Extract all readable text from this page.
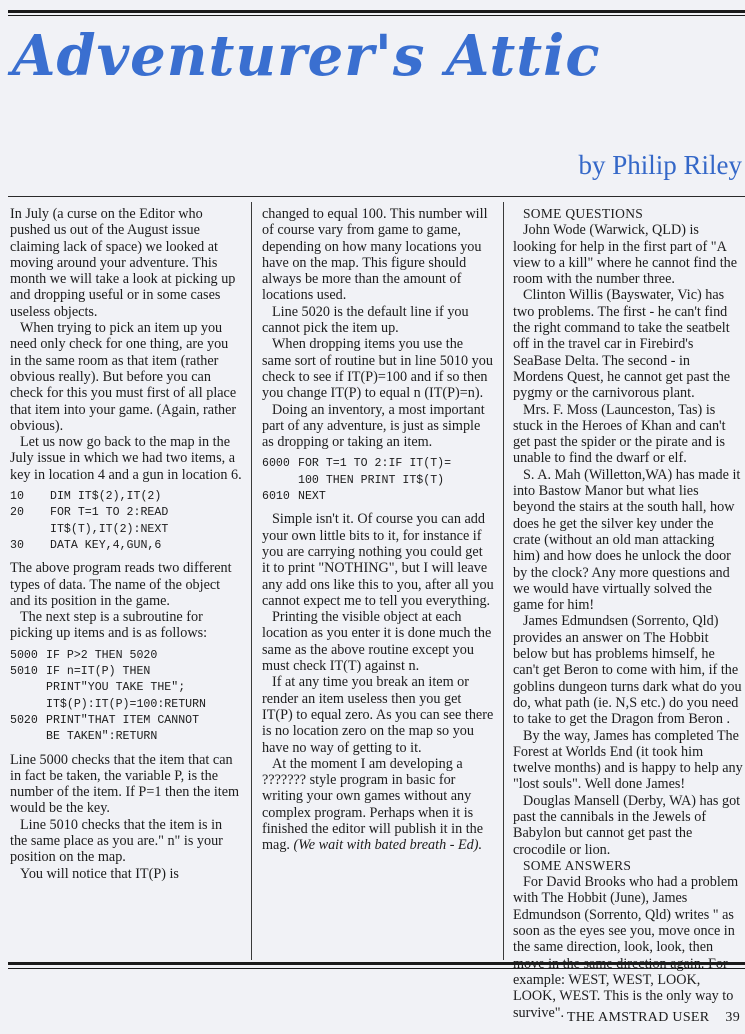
Adventurer's Attic
by Philip Riley

In July (a curse on the Editor who pushed us out of the August issue claiming lack of space) we looked at moving around your adventure. This month we will take a look at picking up and dropping useful or in some cases useless objects.

When trying to pick an item up you need only check for one thing, are you in the same room as that item (rather obvious really). But before you can check for this you must first of all place that item into your game. (Again, rather obvious).

Let us now go back to the map in the July issue in which we had two items, a key in location 4 and a gun in location 6.

10 DIM IT$(2),IT(2)
20 FOR T=1 TO 2:READ
IT$(T),IT(2):NEXT
30 DATA KEY,4,GUN,6

The above program reads two different types of data. The name of the object and its position in the game.

The next step is a subroutine for picking up items and is as follows:

5000 IF P>2 THEN 5020
5010 IF n=IT(P) THEN
PRINT"YOU TAKE THE";
IT$(P):IT(P)=100:RETURN
5020 PRINT"THAT ITEM CANNOT
BE TAKEN":RETURN

Line 5000 checks that the item that can in fact be taken, the variable P, is the number of the item. If P=1 then the item would be the key.

Line 5010 checks that the item is in the same place as you are." n" is your position on the map.

You will notice that IT(P) is

changed to equal 100. This number will of course vary from game to game, depending on how many locations you have on the map. This figure should always be more than the amount of locations used.

Line 5020 is the default line if you cannot pick the item up.

When dropping items you use the same sort of routine but in line 5010 you check to see if IT(P)=100 and if so then you change IT(P) to equal n (IT(P)=n).

Doing an inventory, a most important part of any adventure, is just as simple as dropping or taking an item.

6000 FOR T=1 TO 2:IF IT(T)=
100 THEN PRINT IT$(T)
6010 NEXT

Simple isn't it. Of course you can add your own little bits to it, for instance if you are carrying nothing you could get it to print "NOTHING", but I will leave any add ons like this to you, after all you cannot expect me to tell you everything.

Printing the visible object at each location as you enter it is done much the same as the above routine except you must check IT(T) against n.

If at any time you break an item or render an item useless then you get IT(P) to equal zero. As you can see there is no location zero on the map so you have no way of getting to it.

At the moment I am developing a ??????? style program in basic for writing your own games without any complex program. Perhaps when it is finished the editor will publish it in the mag. (We wait with bated breath - Ed).

SOME QUESTIONS

John Wode (Warwick, QLD) is looking for help in the first part of "A view to a kill" where he cannot find the room with the number three.

Clinton Willis (Bayswater, Vic) has two problems. The first - he can't find the right command to take the seatbelt off in the travel car in Firebird's SeaBase Delta. The second - in Mordens Quest, he cannot get past the pygmy or the carnivorous plant.

Mrs. F. Moss (Launceston, Tas) is stuck in the Heroes of Khan and can't get past the spider or the pirate and is unable to find the dwarf or elf.

S. A. Mah (Willetton,WA) has made it into Bastow Manor but what lies beyond the stairs at the south hall, how does he get the silver key under the crate (without an old man attacking him) and how does he unlock the door by the clock? Any more questions and we would have virtually solved the game for him!

James Edmundsen (Sorrento, Qld) provides an answer on The Hobbit below but has problems himself, he can't get Beron to come with him, if the goblins dungeon turns dark what do you do, what path (ie. N,S etc.) do you need to take to get the Dragon from Beron .

By the way, James has completed The Forest at Worlds End (it took him twelve months) and is happy to help any "lost souls". Well done James!

Douglas Mansell (Derby, WA) has got past the cannibals in the Jewels of Babylon but cannot get past the crocodile or lion.

SOME ANSWERS

For David Brooks who had a problem with The Hobbit (June), James Edmundson (Sorrento, Qld) writes " as soon as the eyes see you, move once in the same direction, look, look, then example: WEST, WEST, LOOK, LOOK, WEST. This is the only way to survive". THE AMSTRAD USER 39
